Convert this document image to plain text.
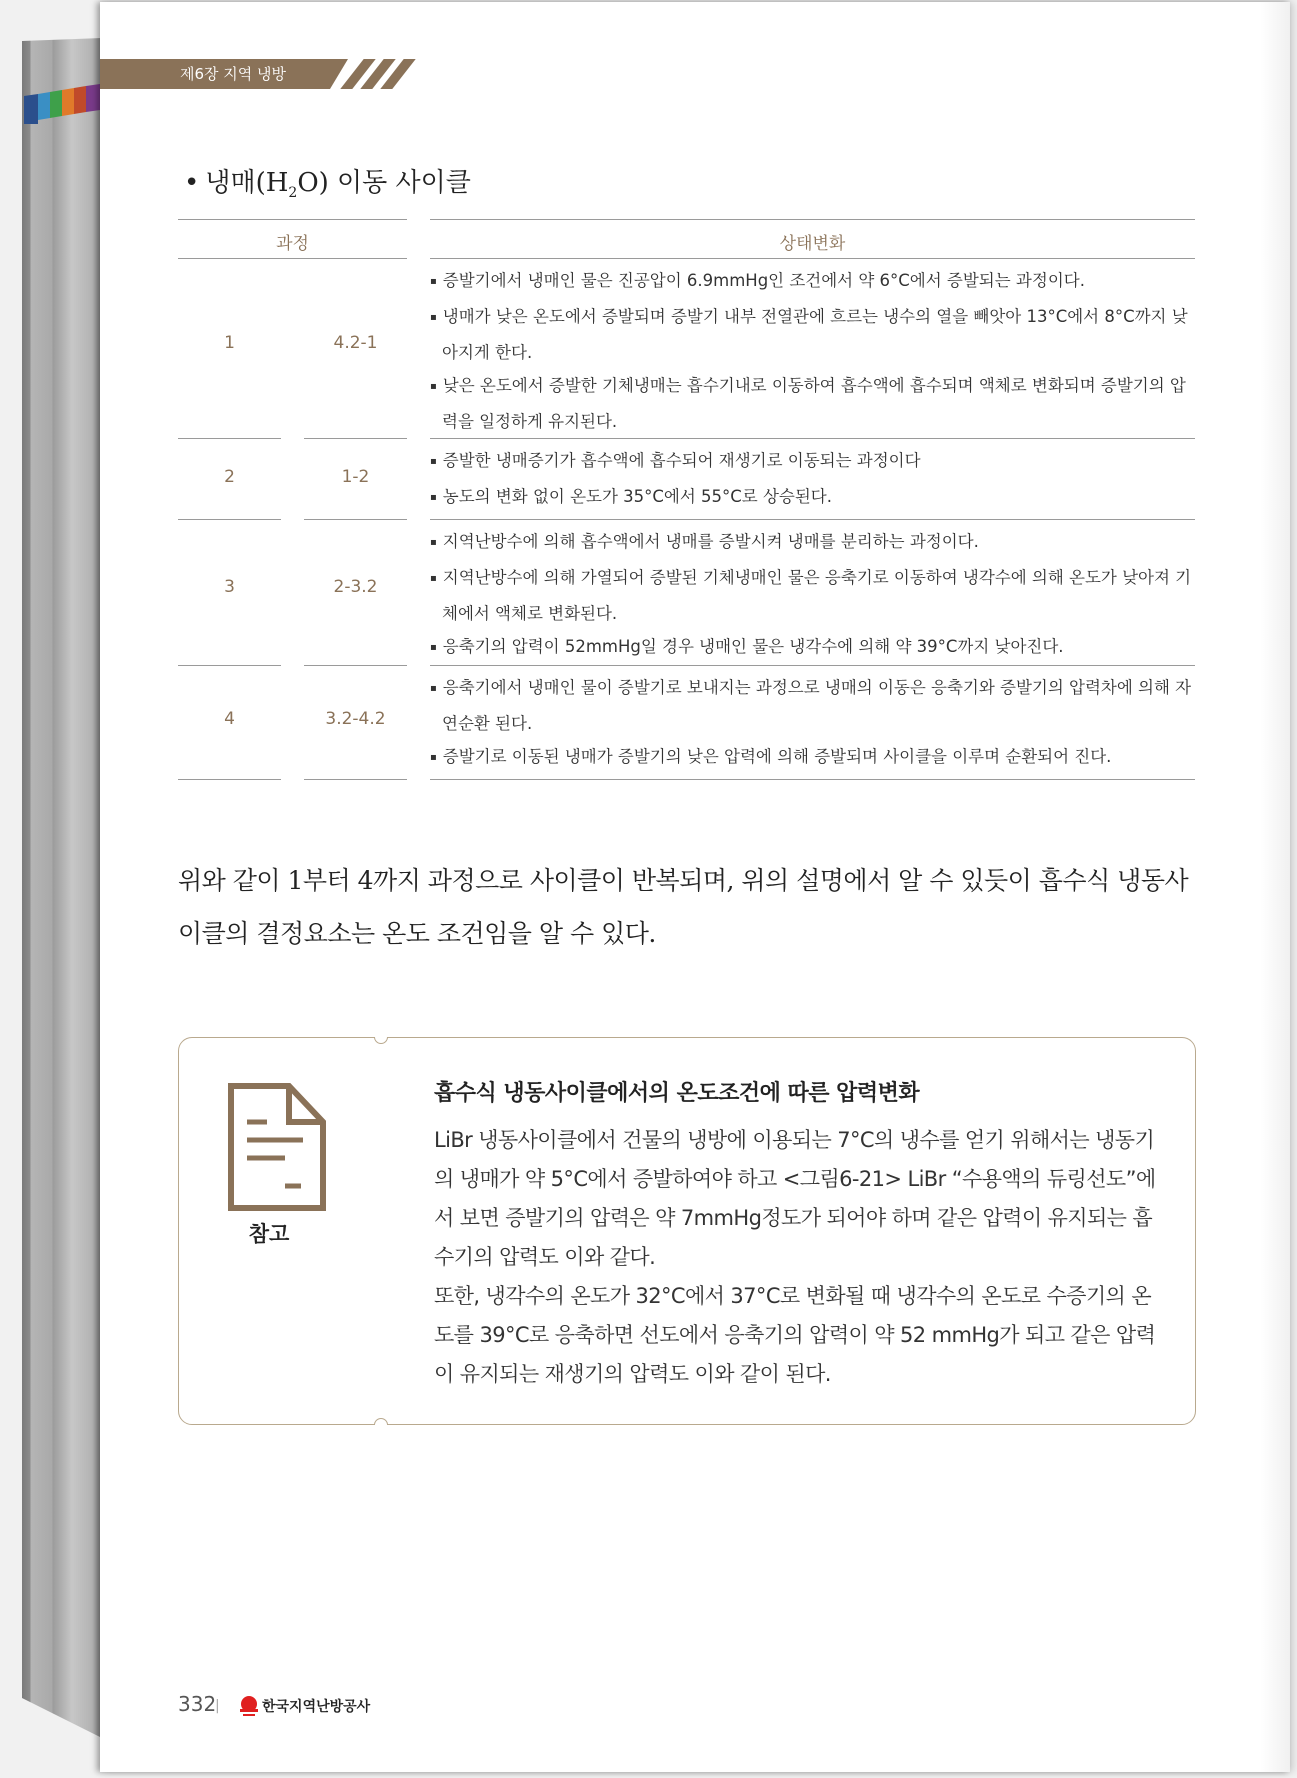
제6장 지역 냉방
• 냉매$(H_2O)$ 이동 사이클
과정	상태변화
1	4.2-1
▪ 증발기에서 냉매인 물은 진공압이 6.9mmHg인 조건에서 약 6°C에서 증발되는 과정이다.
▪ 냉매가 낮은 온도에서 증발되며 증발기 내부 전열관에 흐르는 냉수의 열을 빼앗아 13°C에서 8°C까지 낮아지게 한다.
▪ 낮은 온도에서 증발한 기체냉매는 흡수기내로 이동하여 흡수액에 흡수되며 액체로 변화되며 증발기의 압력을 일정하게 유지된다.
2	1-2
▪ 증발한 냉매증기가 흡수액에 흡수되어 재생기로 이동되는 과정이다
▪ 농도의 변화 없이 온도가 35°C에서 55°C로 상승된다.
3	2-3.2
▪ 지역난방수에 의해 흡수액에서 냉매를 증발시켜 냉매를 분리하는 과정이다.
▪ 지역난방수에 의해 가열되어 증발된 기체냉매인 물은 응축기로 이동하여 냉각수에 의해 온도가 낮아져 기체에서 액체로 변화된다.
▪ 응축기의 압력이 52mmHg일 경우 냉매인 물은 냉각수에 의해 약 39°C까지 낮아진다.
4	3.2-4.2
▪ 응축기에서 냉매인 물이 증발기로 보내지는 과정으로 냉매의 이동은 응축기와 증발기의 압력차에 의해 자연순환 된다.
▪ 증발기로 이동된 냉매가 증발기의 낮은 압력에 의해 증발되며 사이클을 이루며 순환되어 진다.
위와 같이 1부터 4까지 과정으로 사이클이 반복되며, 위의 설명에서 알 수 있듯이 흡수식 냉동사이클의 결정요소는 온도 조건임을 알 수 있다.
참고
흡수식 냉동사이클에서의 온도조건에 따른 압력변화
LiBr 냉동사이클에서 건물의 냉방에 이용되는 7°C의 냉수를 얻기 위해서는 냉동기의 냉매가 약 5°C에서 증발하여야 하고 <그림6-21> LiBr “수용액의 듀링선도”에서 보면 증발기의 압력은 약 7mmHg정도가 되어야 하며 같은 압력이 유지되는 흡수기의 압력도 이와 같다.
또한, 냉각수의 온도가 32°C에서 37°C로 변화될 때 냉각수의 온도로 수증기의 온도를 39°C로 응축하면 선도에서 응축기의 압력이 약 52 mmHg가 되고 같은 압력이 유지되는 재생기의 압력도 이와 같이 된다.
332
|	한국지역난방공사
